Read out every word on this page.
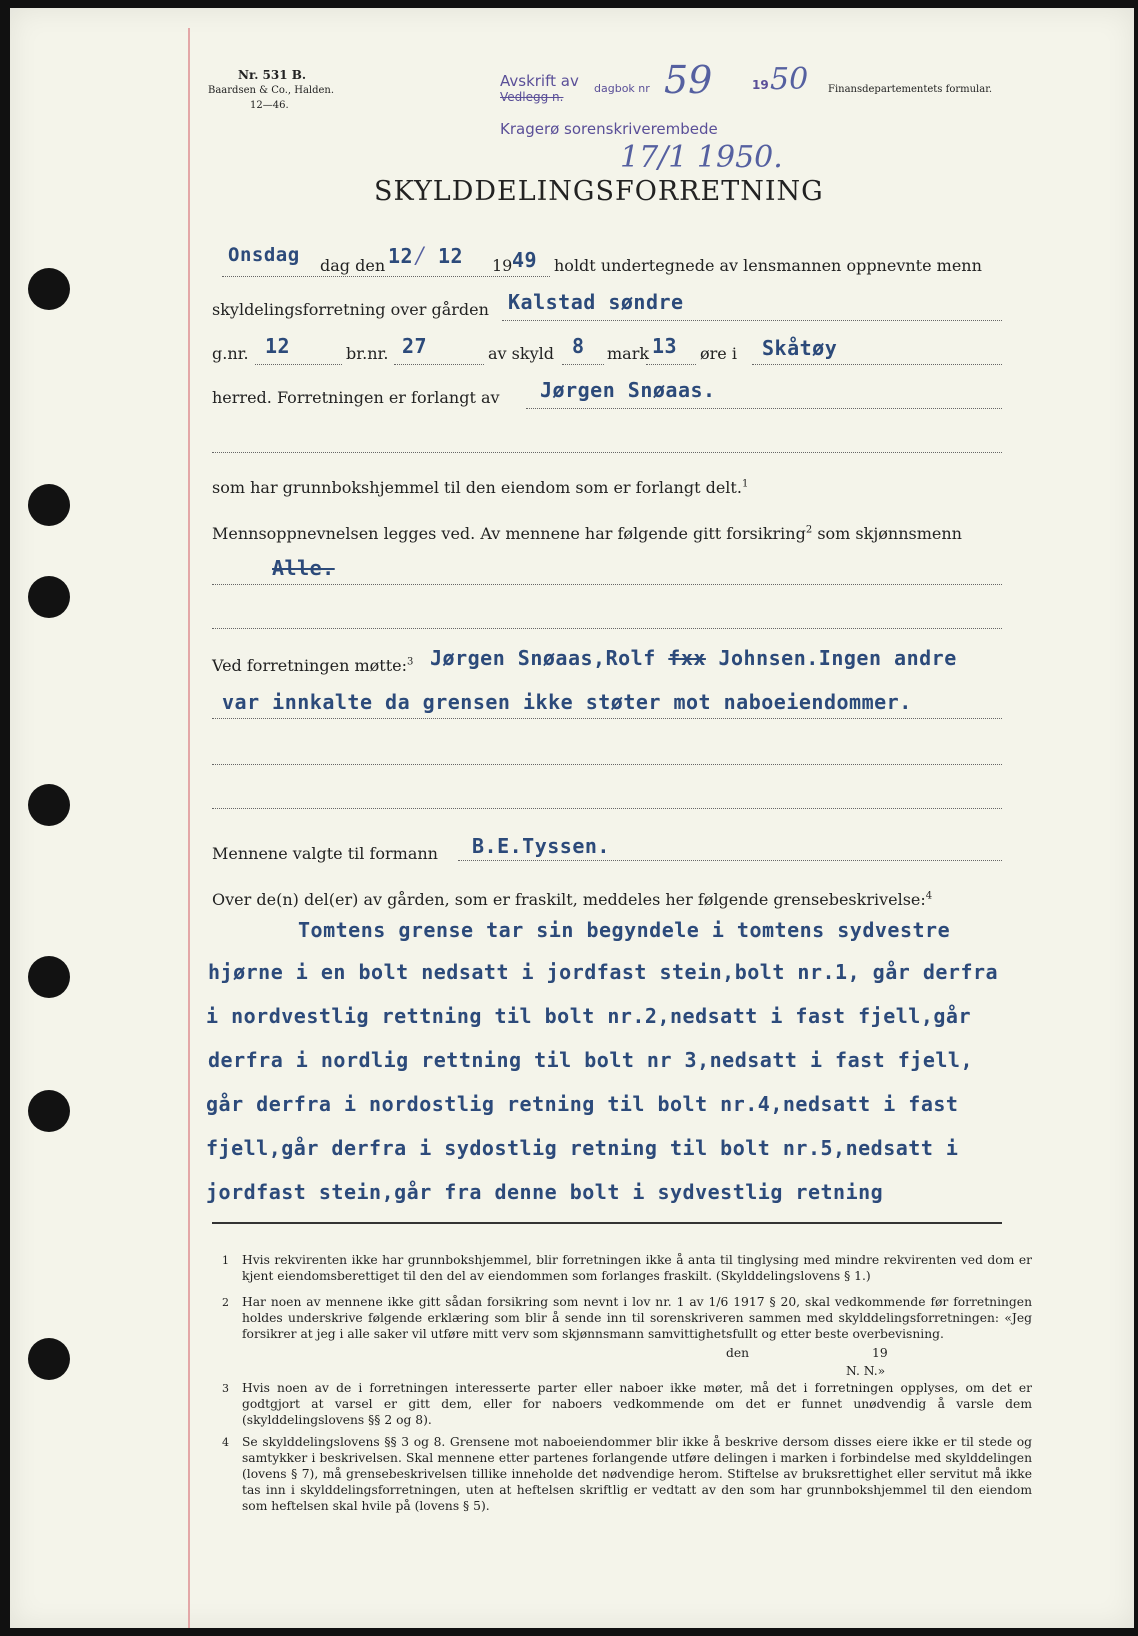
Nr. 531 B.
Baardsen & Co., Halden.
12—46.
Avskrift av
Vedlegg n.
dagbok nr 59	19 50 Finansdepartementets formular.
Kragerø sorenskriverembede
17/1 1950.
SKYLDDELINGSFORRETNING
Onsdag dag den 12 / 12 19 49 holdt undertegnede av lensmannen oppnevnte menn
skyldelingsforretning over gården Kalstad søndre
g.nr. 12	br.nr. 27	av skyld 8 mark 13 øre i Skåtøy
herred. Forretningen er forlangt av Jørgen Snøaas.
som har grunnbokshjemmel til den eiendom som er forlangt delt.$^1$
Mennsoppnevnelsen legges ved. Av mennene har følgende gitt forsikring$^2$ som skjønnsmenn
Alle.
Ved forretningen møtte:$^3$ Jørgen Snøaas,Rolf fxx Johnsen.Ingen andre
var innkalte da grensen ikke støter mot naboeiendommer.
Mennene valgte til formann B.E.Tyssen.
Over de(n) del(er) av gården, som er fraskilt, meddeles her følgende grensebeskrivelse:$^4$
Tomtens grense tar sin begyndele i tomtens sydvestre
hjørne i en bolt nedsatt i jordfast stein,bolt nr.1, går derfra
i nordvestlig rettning til bolt nr.2,nedsatt i fast fjell,går
derfra i nordlig rettning til bolt nr 3,nedsatt i fast fjell,
går derfra i nordostlig retning til bolt nr.4,nedsatt i fast
fjell,går derfra i sydostlig retning til bolt nr.5,nedsatt i
jordfast stein,går fra denne bolt i sydvestlig retning
1 Hvis rekvirenten ikke har grunnbokshjemmel, blir forretningen ikke å anta til tinglysing med mindre rekvirenten ved dom er kjent eiendomsberettiget til den del av eiendommen som forlanges fraskilt. (Skylddelingslovens § 1.)
2 Har noen av mennene ikke gitt sådan forsikring som nevnt i lov nr. 1 av 1/6 1917 § 20, skal vedkommende før forretningen holdes underskrive følgende erklæring som blir å sende inn til sorenskriveren sammen med skylddelingsforretningen: «Jeg forsikrer at jeg i alle saker vil utføre mitt verv som skjønnsmann samvittighetsfullt og etter beste overbevisning.
den	19
N. N.»
3 Hvis noen av de i forretningen interesserte parter eller naboer ikke møter, må det i forretningen opplyses, om det er godtgjort at varsel er gitt dem, eller for naboers vedkommende om det er funnet unødvendig å varsle dem (skylddelingslovens §§ 2 og 8).
4 Se skylddelingslovens §§ 3 og 8. Grensene mot naboeiendommer blir ikke å beskrive dersom disses eiere ikke er til stede og samtykker i beskrivelsen. Skal mennene etter partenes forlangende utføre delingen i marken i forbindelse med skylddelingen (lovens § 7), må grensebeskrivelsen tillike inneholde det nødvendige herom. Stiftelse av bruksrettighet eller servitut må ikke tas inn i skylddelingsforretningen, uten at heftelsen skriftlig er vedtatt av den som har grunnbokshjemmel til den eiendom som heftelsen skal hvile på (lovens § 5).
